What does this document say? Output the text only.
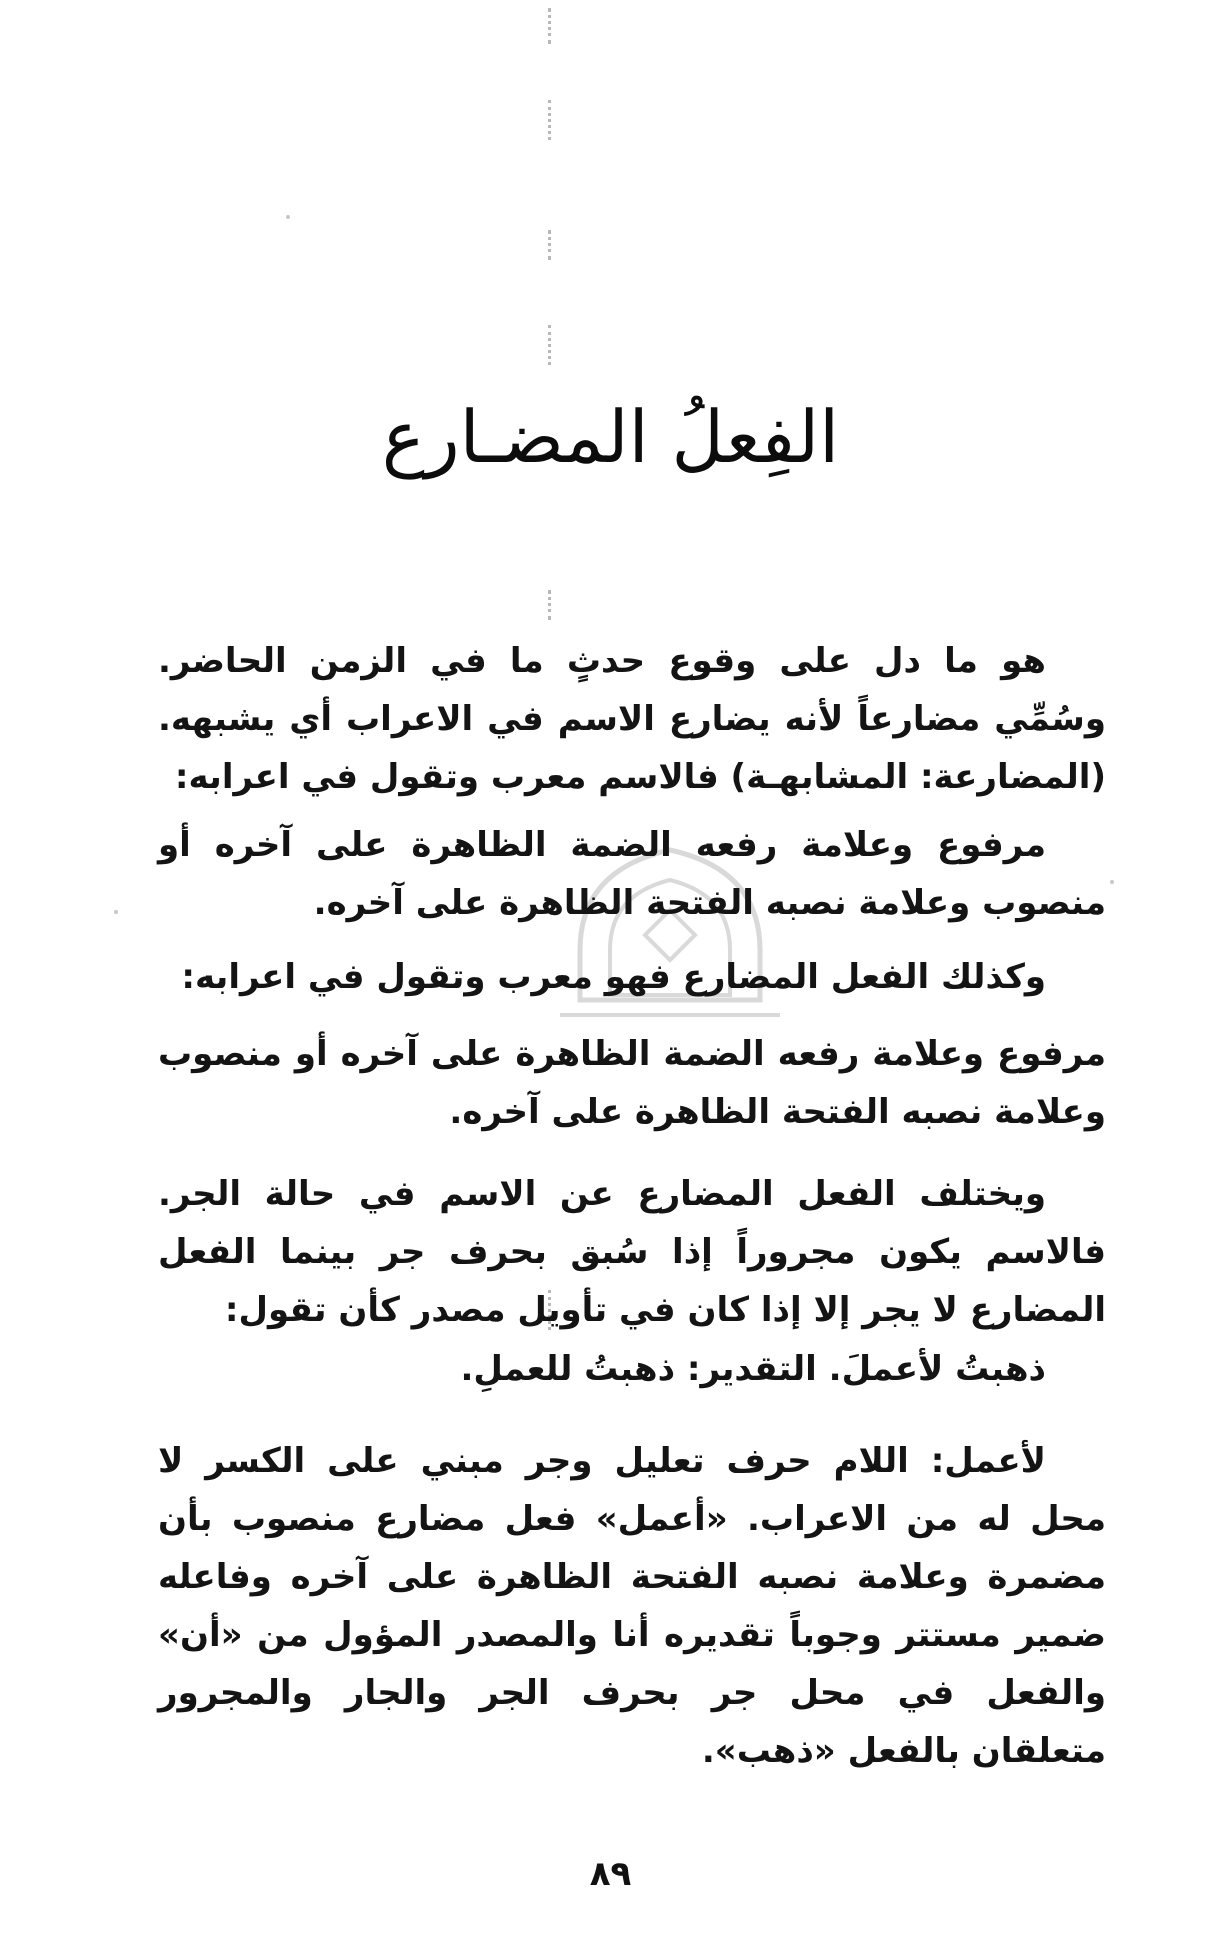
الفِعلُ المضـارع

هو ما دل على وقوع حدثٍ ما في الزمن الحاضر. وسُمِّي مضارعاً لأنه يضارع الاسم في الاعراب أي يشبهه. (المضارعة: المشابهـة) فالاسم معرب وتقول في اعرابه:

مرفوع وعلامة رفعه الضمة الظاهرة على آخره أو منصوب وعلامة نصبه الفتحة الظاهرة على آخره.

وكذلك الفعل المضارع فهو معرب وتقول في اعرابه:

مرفوع وعلامة رفعه الضمة الظاهرة على آخره أو منصوب وعلامة نصبه الفتحة الظاهرة على آخره.

ويختلف الفعل المضارع عن الاسم في حالة الجر. فالاسم يكون مجروراً إذا سُبق بحرف جر بينما الفعل المضارع لا يجر إلا إذا كان في تأويل مصدر كأن تقول:

ذهبتُ لأعملَ. التقدير: ذهبتُ للعملِ.

لأعمل: اللام حرف تعليل وجر مبني على الكسر لا محل له من الاعراب. «أعمل» فعل مضارع منصوب بأن مضمرة وعلامة نصبه الفتحة الظاهرة على آخره وفاعله ضمير مستتر وجوباً تقديره أنا والمصدر المؤول من «أن» والفعل في محل جر بحرف الجر والجار والمجرور متعلقان بالفعل «ذهب».

٨٩
